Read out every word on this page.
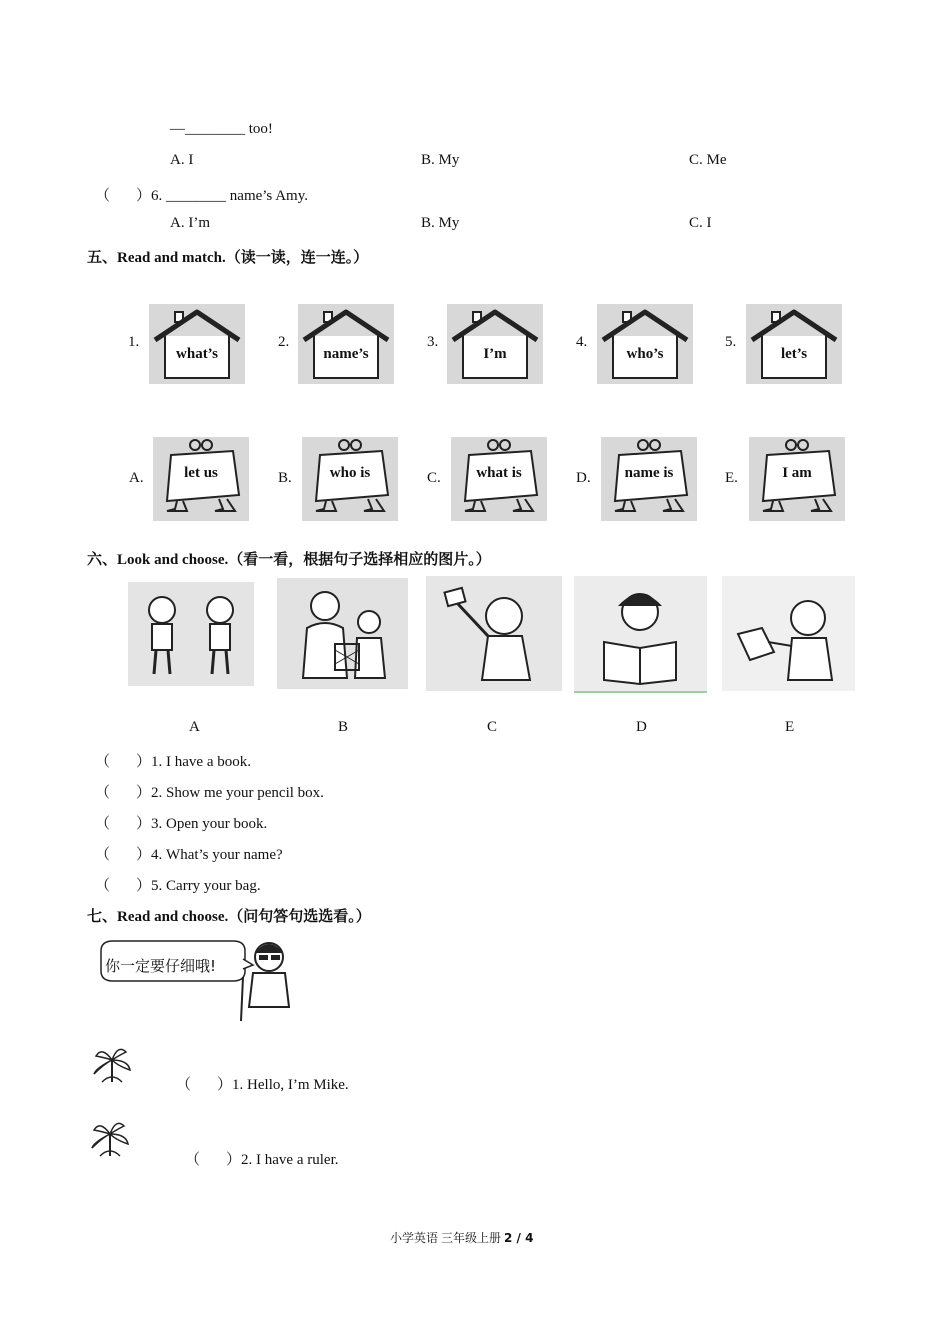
—________ too!
A. I	B. My	C. Me
（ ）6. ________ name’s Amy.
A. I’m	B. My	C. I
五、Read and match.（读一读，连一连。）
1.
what’s
2.
name’s
3.
I’m
4.
who’s
5.
let’s
A.	let us	B.	who is	C.	what is	D.	name is	E.	I am
六、Look and choose.（看一看，根据句子选择相应的图片。）
A	B	C	D	E
（ ）1. I have a book.
（ ）2. Show me your pencil box.
（ ）3. Open your book.
（ ）4. What’s your name?
（ ）5. Carry your bag.
七、Read and choose.（问句答句选选看。）
你一定要仔细哦!
（ ）1. Hello, I’m Mike.
（ ）2. I have a ruler.
小学英语 三年级上册 2 / 4
